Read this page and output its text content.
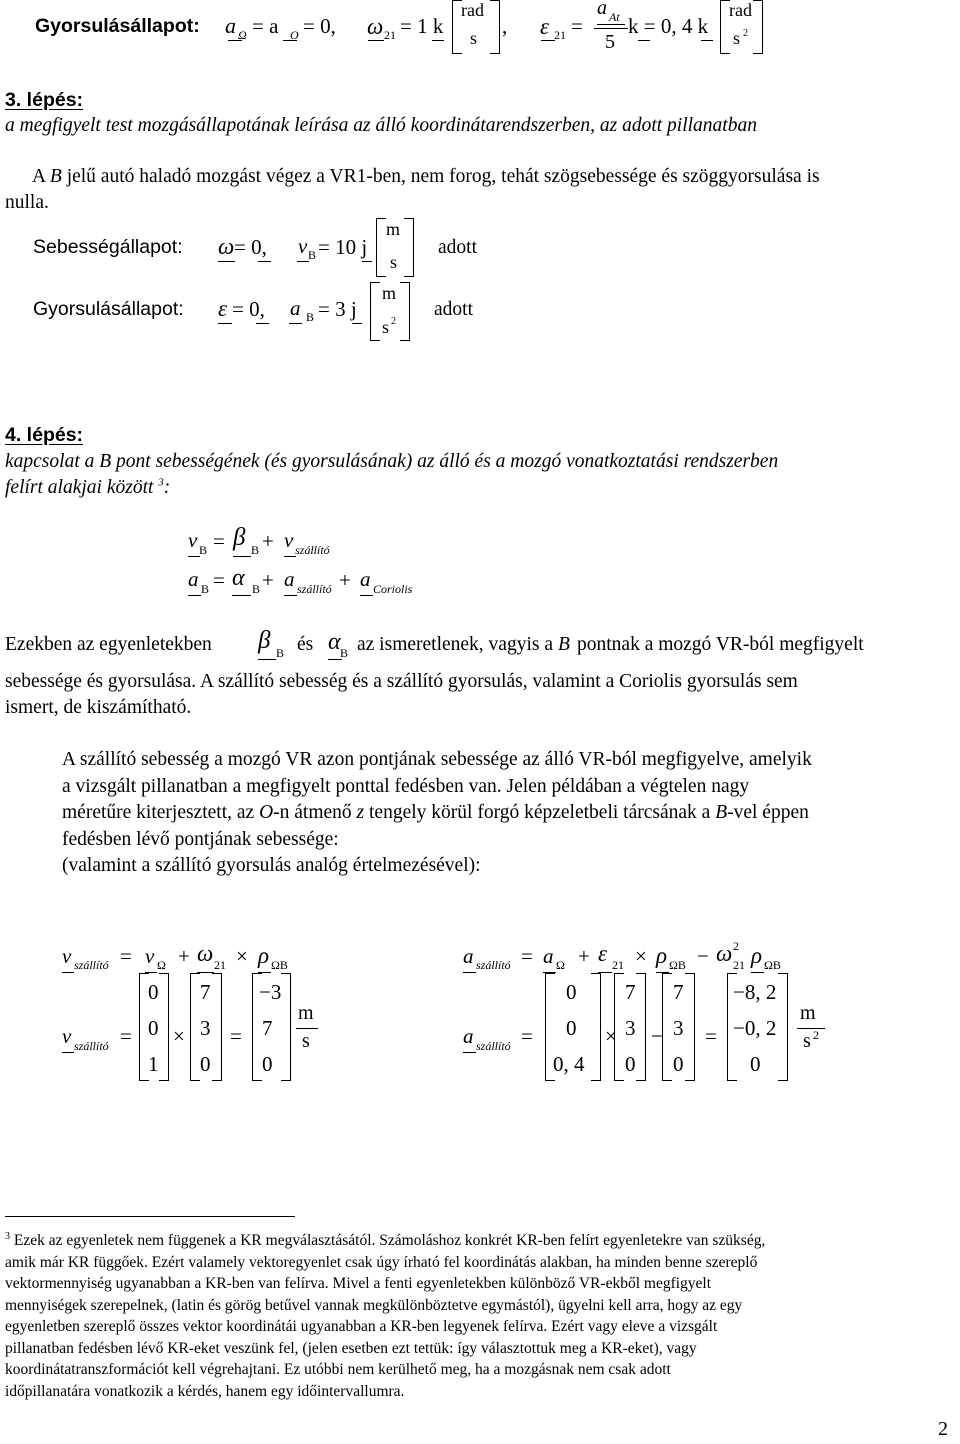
Gyorsulásállapot: a Ω = a O = 0, ω 21 = 1 k
rad
s , ε 21 =
a At
5
k = 0, 4 k
rad
s 2
3. lépés:
a megfigyelt test mozgásállapotának leírása az álló koordinátarendszerben, az adott pillanatban
A B jelű autó haladó mozgást végez a VR1-ben, nem forog, tehát szögsebessége és szöggyorsulása is
nulla.
Sebességállapot: ω = 0, v B = 10 j
m
s
adott
Gyorsulásállapot: ε = 0, a B = 3 j
m
s 2
adott
4. lépés:
kapcsolat a B pont sebességének (és gyorsulásának) az álló és a mozgó vonatkoztatási rendszerben
felírt alakjai között $^3$:
v B = β B + v szállító
a B = α B + a szállító + a Coriolis
Ezekben az egyenletekben β B és α B az ismeretlenek, vagyis a B pontnak a mozgó VR-ból megfigyelt
sebessége és gyorsulása. A szállító sebesség és a szállító gyorsulás, valamint a Coriolis gyorsulás sem
ismert, de kiszámítható.
A szállító sebesség a mozgó VR azon pontjának sebessége az álló VR-ból megfigyelve, amelyik
a vizsgált pillanatban a megfigyelt ponttal fedésben van. Jelen példában a végtelen nagy
méretűre kiterjesztett, az O-n átmenő z tengely körül forgó képzeletbeli tárcsának a B-vel éppen
fedésben lévő pontjának sebessége:
(valamint a szállító gyorsulás analóg értelmezésével):
v szállító = v Ω + ω 21 × ρ ΩB
v szállító =
0
0
1
×
7
3
0
=
−3
7
0
m
s
a szállító = a Ω + ε 21 × ρ ΩB − ω 21
2 ρ ΩB
a szállító =
0
0
0, 4
×
7
3
0
−
7
3
0
=
−8, 2
−0, 2
0
m
s 2
$^3$ Ezek az egyenletek nem függenek a KR megválasztásától. Számoláshoz konkrét KR-ben felírt egyenletekre van szükség,
amik már KR függőek. Ezért valamely vektoregyenlet csak úgy írható fel koordinátás alakban, ha minden benne szereplő
vektormennyiség ugyanabban a KR-ben van felírva. Mivel a fenti egyenletekben különböző VR-ekből megfigyelt
mennyiségek szerepelnek, (latin és görög betűvel vannak megkülönböztetve egymástól), ügyelni kell arra, hogy az egy
egyenletben szereplő összes vektor koordinátái ugyanabban a KR-ben legyenek felírva. Ezért vagy eleve a vizsgált
pillanatban fedésben lévő KR-eket veszünk fel, (jelen esetben ezt tettük: így választottuk meg a KR-eket), vagy
koordinátatranszformációt kell végrehajtani. Ez utóbbi nem kerülhető meg, ha a mozgásnak nem csak adott
időpillanatára vonatkozik a kérdés, hanem egy időintervallumra.
2
